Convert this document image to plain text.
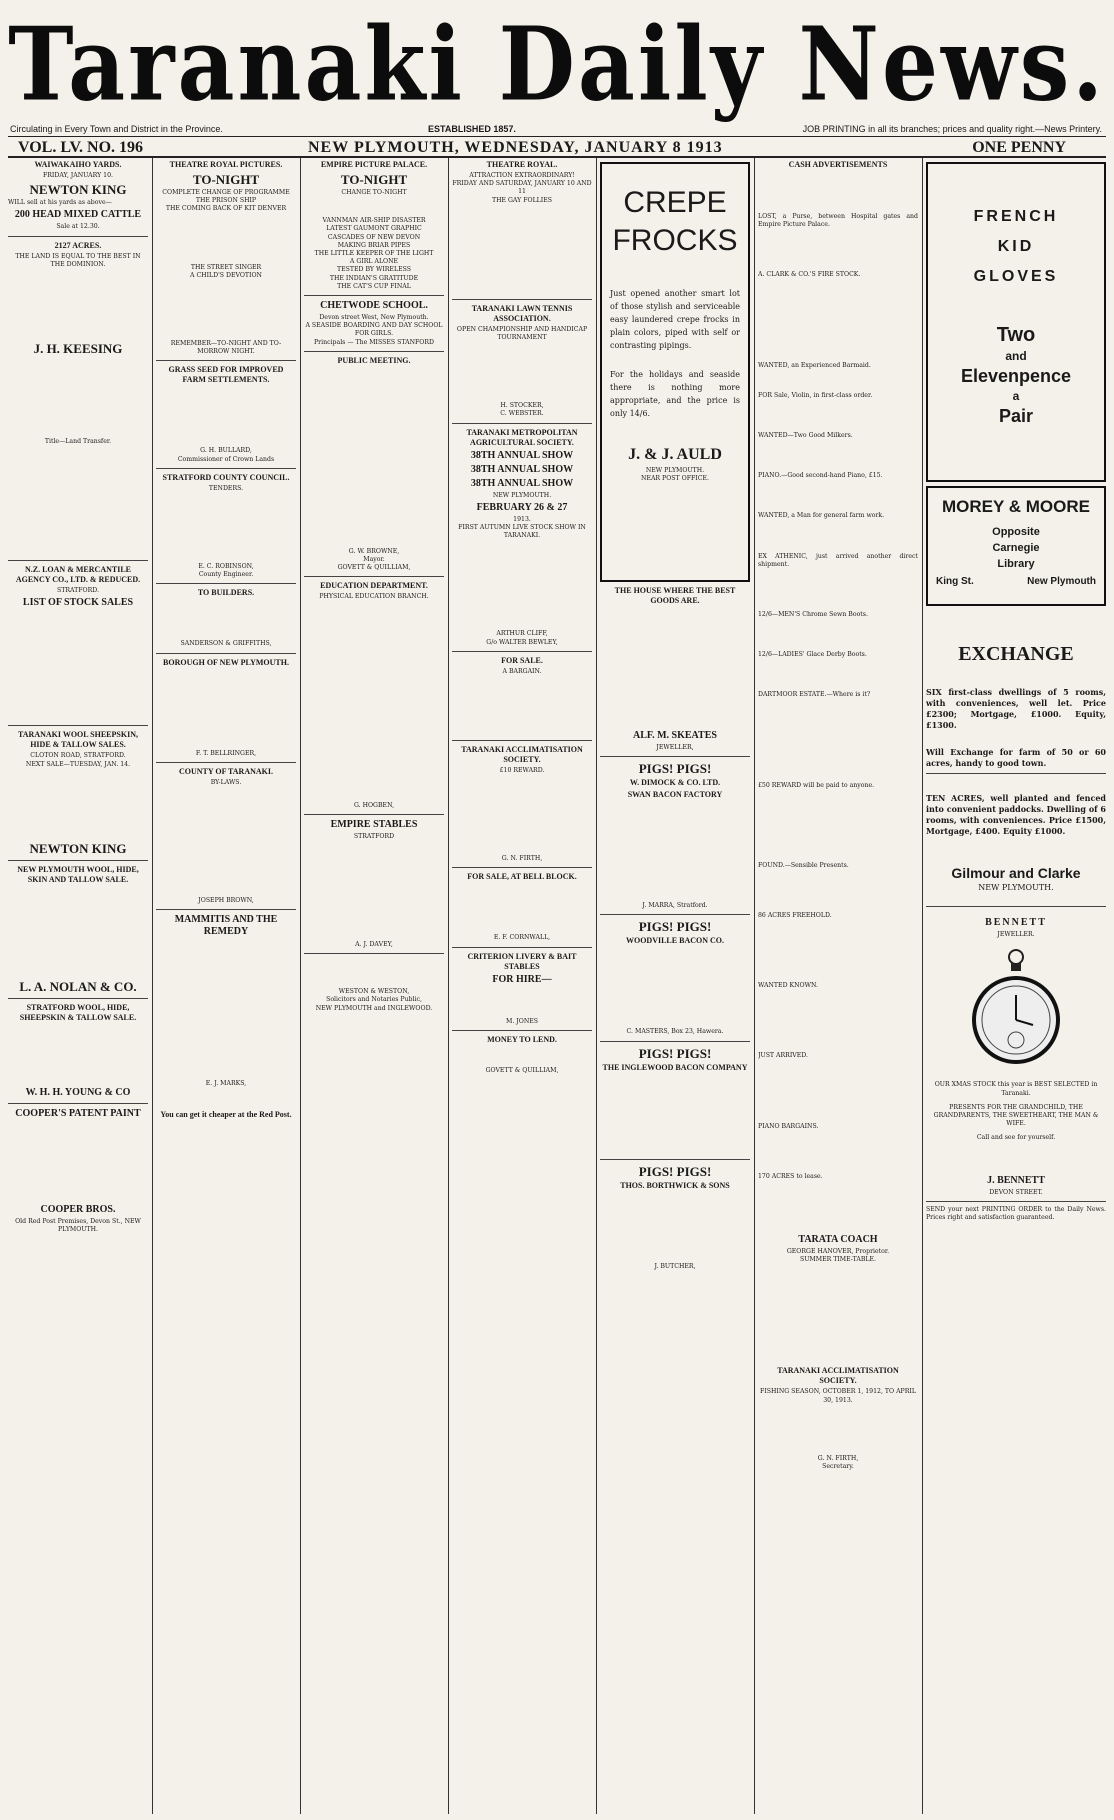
Taranaki Daily News.
Circulating in Every Town and District in the Province.	ESTABLISHED 1857.	JOB PRINTING in all its branches; prices and quality right.—News Printery.
VOL. LV. NO. 196	NEW PLYMOUTH, WEDNESDAY, JANUARY 8 1913	ONE PENNY
WAIWAKAIHO YARDS.
FRIDAY, JANUARY 10.
NEWTON KING
WILL sell at his yards as above—
200 HEAD MIXED CATTLE
Sale at 12.30.
2127 ACRES.
THE LAND IS EQUAL TO THE BEST IN THE DOMINION.
J. H. KEESING
Title—Land Transfer.
N.Z. LOAN & MERCANTILE AGENCY CO., LTD. & REDUCED.
STRATFORD.
LIST OF STOCK SALES
TARANAKI WOOL SHEEPSKIN, HIDE & TALLOW SALES.
CLOTON ROAD, STRATFORD.
NEXT SALE—TUESDAY, JAN. 14.
NEWTON KING
NEW PLYMOUTH WOOL, HIDE, SKIN AND TALLOW SALE.
L. A. NOLAN & CO.
STRATFORD WOOL, HIDE, SHEEPSKIN & TALLOW SALE.
W. H. H. YOUNG & CO
COOPER'S PATENT PAINT
COOPER BROS.
Old Red Post Premises, Devon St., NEW PLYMOUTH.
THEATRE ROYAL PICTURES.
TO-NIGHT
COMPLETE CHANGE OF PROGRAMME
THE PRISON SHIP
THE COMING BACK OF KIT DENVER
THE STREET SINGER
A CHILD'S DEVOTION
REMEMBER—TO-NIGHT AND TO-MORROW NIGHT.
GRASS SEED FOR IMPROVED FARM SETTLEMENTS.
G. H. BULLARD,
Commissioner of Crown Lands
STRATFORD COUNTY COUNCIL.
TENDERS.
E. C. ROBINSON,
County Engineer.
TO BUILDERS.
SANDERSON & GRIFFITHS,
BOROUGH OF NEW PLYMOUTH.
F. T. BELLRINGER,
COUNTY OF TARANAKI.
BY-LAWS.
JOSEPH BROWN,
MAMMITIS AND THE REMEDY
E. J. MARKS,
You can get it cheaper at the Red Post.
EMPIRE PICTURE PALACE.
TO-NIGHT
CHANGE TO-NIGHT
VANNMAN AIR-SHIP DISASTER
LATEST GAUMONT GRAPHIC
CASCADES OF NEW DEVON
MAKING BRIAR PIPES
THE LITTLE KEEPER OF THE LIGHT
A GIRL ALONE
TESTED BY WIRELESS
THE INDIAN'S GRATITUDE
THE CAT'S CUP FINAL
CHETWODE SCHOOL.
Devon street West, New Plymouth.
A SEASIDE BOARDING AND DAY SCHOOL FOR GIRLS.
Principals — The MISSES STANFORD
PUBLIC MEETING.
G. W. BROWNE,
Mayor.
GOVETT & QUILLIAM,
EDUCATION DEPARTMENT.
PHYSICAL EDUCATION BRANCH.
G. HOGBEN,
EMPIRE STABLES
STRATFORD
A. J. DAVEY,
WESTON & WESTON,
Solicitors and Notaries Public,
NEW PLYMOUTH and INGLEWOOD.
THEATRE ROYAL.
ATTRACTION EXTRAORDINARY!
FRIDAY AND SATURDAY, JANUARY 10 AND 11
THE GAY FOLLIES
TARANAKI LAWN TENNIS ASSOCIATION.
OPEN CHAMPIONSHIP AND HANDICAP TOURNAMENT
H. STOCKER,
C. WEBSTER.
TARANAKI METROPOLITAN AGRICULTURAL SOCIETY.
38TH ANNUAL SHOW
38TH ANNUAL SHOW
38TH ANNUAL SHOW
NEW PLYMOUTH.
FEBRUARY 26 & 27
1913.
FIRST AUTUMN LIVE STOCK SHOW IN TARANAKI.
ARTHUR CLIFF,
G/o WALTER BEWLEY,
FOR SALE.
A BARGAIN.
TARANAKI ACCLIMATISATION SOCIETY.
£10 REWARD.
G. N. FIRTH,
FOR SALE, AT BELL BLOCK.
E. F. CORNWALL,
CRITERION LIVERY & BAIT STABLES
FOR HIRE—
M. JONES
MONEY TO LEND.
GOVETT & QUILLIAM,
CREPE
FROCKS
Just opened another smart lot of those stylish and serviceable easy laundered crepe frocks in plain colors, piped with self or contrasting pipings.
For the holidays and seaside there is nothing more appropriate, and the price is only 14/6.
J. & J. AULD
NEW PLYMOUTH.
NEAR POST OFFICE.
THE HOUSE WHERE THE BEST GOODS ARE.
ALF. M. SKEATES
JEWELLER,
PIGS! PIGS!
W. DIMOCK & CO. LTD.
SWAN BACON FACTORY
J. MARRA, Stratford.
PIGS! PIGS!
WOODVILLE BACON CO.
C. MASTERS, Box 23, Hawera.
PIGS! PIGS!
THE INGLEWOOD BACON COMPANY
PIGS! PIGS!
THOS. BORTHWICK & SONS
J. BUTCHER,
CASH ADVERTISEMENTS
LOST, a Purse, between Hospital gates and Empire Picture Palace.
A. CLARK & CO.'S FIRE STOCK.
WANTED, an Experienced Barmaid.
FOR Sale, Violin, in first-class order.
WANTED—Two Good Milkers.
PIANO.—Good second-hand Piano, £15.
WANTED, a Man for general farm work.
EX ATHENIC, just arrived another direct shipment.
12/6—MEN'S Chrome Sewn Boots.
12/6—LADIES' Glace Derby Boots.
DARTMOOR ESTATE.—Where is it?
£50 REWARD will be paid to anyone.
FOUND.—Sensible Presents.
86 ACRES FREEHOLD.
WANTED KNOWN.
JUST ARRIVED.
PIANO BARGAINS.
170 ACRES to lease.
TARATA COACH
GEORGE HANOVER, Proprietor.
SUMMER TIME-TABLE.
TARANAKI ACCLIMATISATION SOCIETY.
FISHING SEASON, OCTOBER 1, 1912, TO APRIL 30, 1913.
G. N. FIRTH,
Secretary.
FRENCH
KID
GLOVES
Two
and
Elevenpence
a
Pair
MOREY & MOORE
Opposite
Carnegie
Library
King St.	New Plymouth
EXCHANGE
SIX first-class dwellings of 5 rooms, with conveniences, well let. Price £2300; Mortgage, £1000. Equity, £1300.
Will Exchange for farm of 50 or 60 acres, handy to good town.
TEN ACRES, well planted and fenced into convenient paddocks. Dwelling of 6 rooms, with conveniences. Price £1500, Mortgage, £400. Equity £1000.
Gilmour and Clarke
NEW PLYMOUTH.
BENNETT
JEWELLER.
OUR XMAS STOCK this year is BEST SELECTED in Taranaki.
PRESENTS FOR THE GRANDCHILD, THE GRANDPARENTS, THE SWEETHEART, THE MAN & WIFE.
Call and see for yourself.
J. BENNETT
DEVON STREET.
SEND your next PRINTING ORDER to the Daily News. Prices right and satisfaction guaranteed.
